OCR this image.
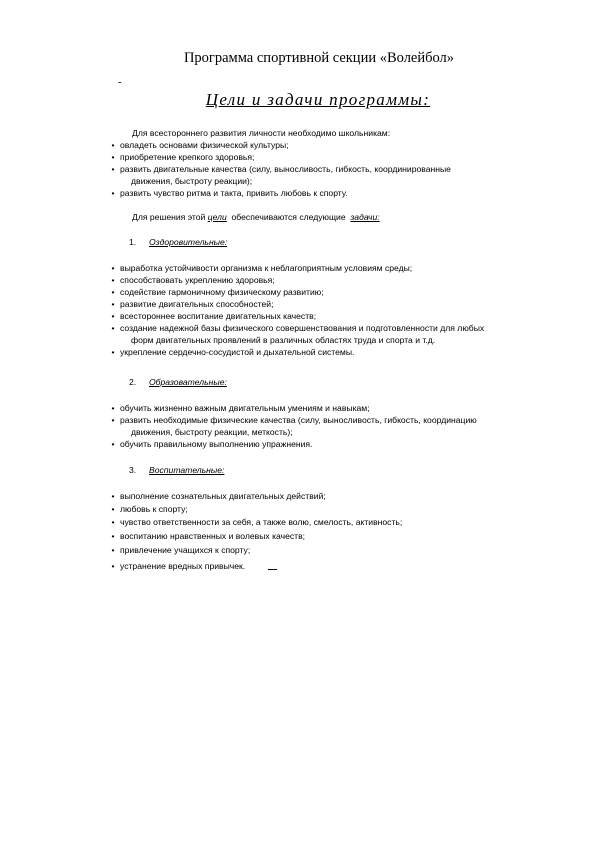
Программа спортивной секции «Волейбол»
-
Цели и задачи программы:
Для всестороннего развития личности необходимо школьникам:
• овладеть основами физической культуры;
• приобретение крепкого здоровья;
• развить двигательные качества (силу, выносливость, гибкость, координированные
движения, быстроту реакции);
• развить чувство ритма и такта, привить любовь к спорту.
Для решения этой цели  обеспечиваются следующие  задачи:
1. Оздоровительные:
• выработка устойчивости организма к неблагоприятным условиям среды;
• способствовать укреплению здоровья;
• содействие гармоничному физическому развитию;
• развитие двигательных способностей;
• всестороннее воспитание двигательных качеств;
• создание надежной базы физического совершенствования и подготовленности для любых
форм двигательных проявлений в различных областях труда и спорта и т.д.
• укрепление сердечно-сосудистой и дыхательной системы.
2. Образовательные:
• обучить жизненно важным двигательным умениям и навыкам;
• развить необходимые физические качества (силу, выносливость, гибкость, координацию
движения, быстроту реакции, меткость);
• обучить правильному выполнению упражнения.
3. Воспитательные:
• выполнение сознательных двигательных действий;
• любовь к спорту;
• чувство ответственности за себя, а также волю, смелость, активность;
• воспитанию нравственных и волевых качеств;
• привлечение учащихся к спорту;
• устранение вредных привычек.
